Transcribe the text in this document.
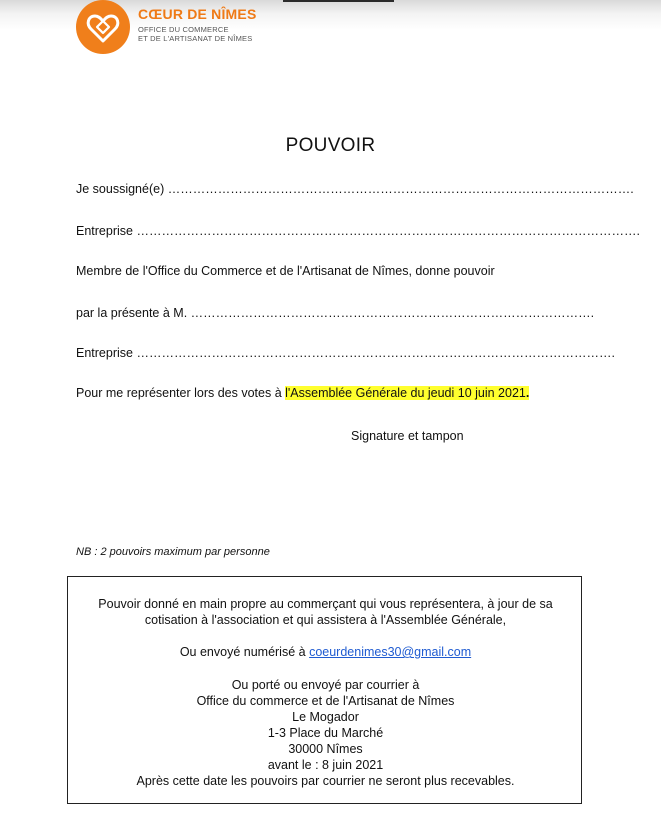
CŒUR DE NÎMES
OFFICE DU COMMERCE
ET DE L'ARTISANAT DE NÎMES
POUVOIR
Je soussigné(e) ………………………………………………………………………………………………….
Entreprise ………………………………………………………………………………………………………….
Membre de l'Office du Commerce et de l'Artisanat de Nîmes, donne pouvoir
par la présente à M. …………………………………………………………………………………….
Entreprise …………………………………………………………………………………………………….
Pour me représenter lors des votes à l'Assemblée Générale du jeudi 10 juin 2021.
Signature et tampon
NB : 2 pouvoirs maximum par personne
Pouvoir donné en main propre au commerçant qui vous représentera, à jour de sa
cotisation à l'association et qui assistera à l'Assemblée Générale,
Ou envoyé numérisé à coeurdenimes30@gmail.com
Ou porté ou envoyé par courrier à
Office du commerce et de l'Artisanat de Nîmes
Le Mogador
1-3 Place du Marché
30000 Nîmes
avant le : 8 juin 2021
Après cette date les pouvoirs par courrier ne seront plus recevables.
